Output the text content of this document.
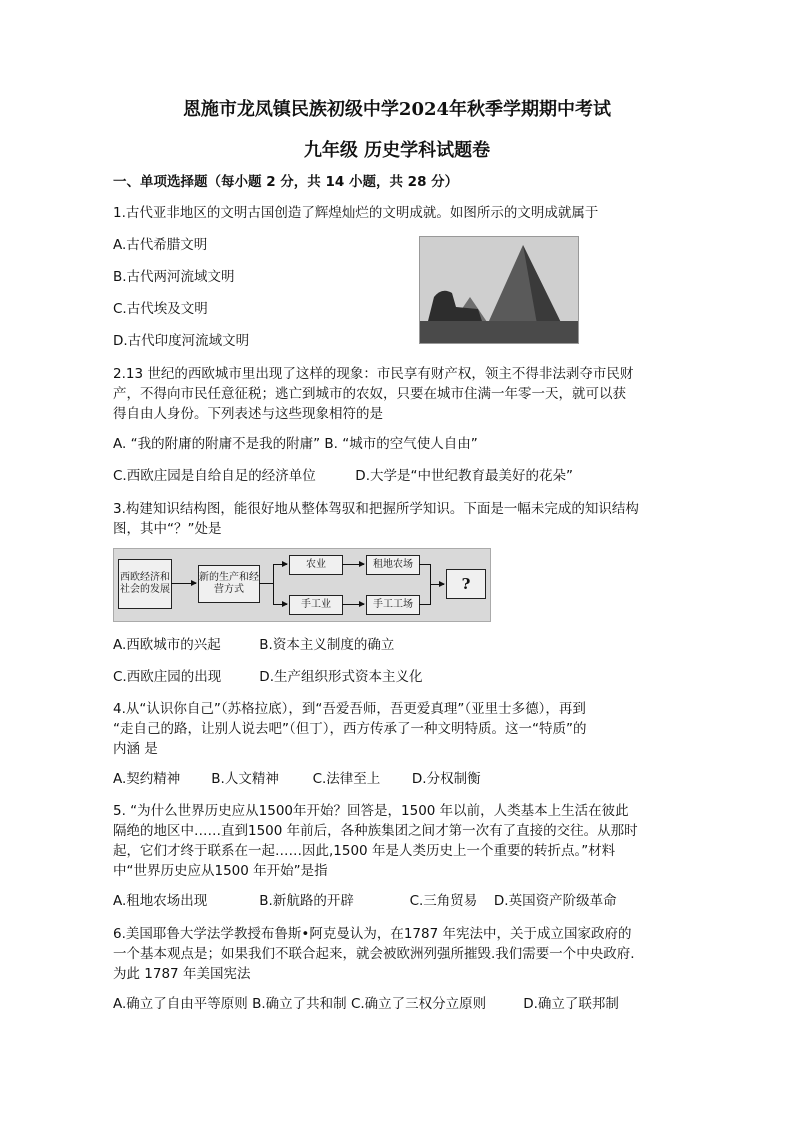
恩施市龙凤镇民族初级中学2024年秋季学期期中考试
九年级 历史学科试题卷
一、单项选择题（每小题 2 分，共 14 小题，共 28 分）
1.古代亚非地区的文明古国创造了辉煌灿烂的文明成就。如图所示的文明成就属于
A.古代希腊文明
B.古代两河流域文明
C.古代埃及文明
D.古代印度河流域文明
2.13 世纪的西欧城市里出现了这样的现象：市民享有财产权，领主不得非法剥夺市民财
产，不得向市民任意征税；逃亡到城市的农奴，只要在城市住满一年零一天，就可以获
得自由人身份。下列表述与这些现象相符的是
A. “我的附庸的附庸不是我的附庸” B. “城市的空气使人自由”
C.西欧庄园是自给自足的经济单位	D.大学是“中世纪教育最美好的花朵”
3.构建知识结构图，能很好地从整体驾驭和把握所学知识。下面是一幅未完成的知识结构
图，其中“？”处是
西欧经济和社会的发展
新的生产和经营方式
农业
手工业
租地农场
手工工场
?
A.西欧城市的兴起	B.资本主义制度的确立
C.西欧庄园的出现	D.生产组织形式资本主义化
4.从“认识你自己”（苏格拉底），到“吾爱吾师，吾更爱真理”（亚里士多德），再到
“走自己的路，让别人说去吧”（但丁），西方传承了一种文明特质。这一“特质”的
内涵 是
A.契约精神 B.人文精神 C.法律至上 D.分权制衡
5. “为什么世界历史应从1500年开始？回答是，1500 年以前，人类基本上生活在彼此
隔绝的地区中……直到1500 年前后，各种族集团之间才第一次有了直接的交往。从那时
起，它们才终于联系在一起……因此,1500 年是人类历史上一个重要的转折点。”材料
中“世界历史应从1500 年开始”是指
A.租地农场出现	B.新航路的开辟	C.三角贸易 D.英国资产阶级革命
6.美国耶鲁大学法学教授布鲁斯•阿克曼认为，在1787 年宪法中，关于成立国家政府的
一个基本观点是；如果我们不联合起来，就会被欧洲列强所摧毁.我们需要一个中央政府.
为此 1787 年美国宪法
A.确立了自由平等原则 B.确立了共和制 C.确立了三权分立原则	D.确立了联邦制
